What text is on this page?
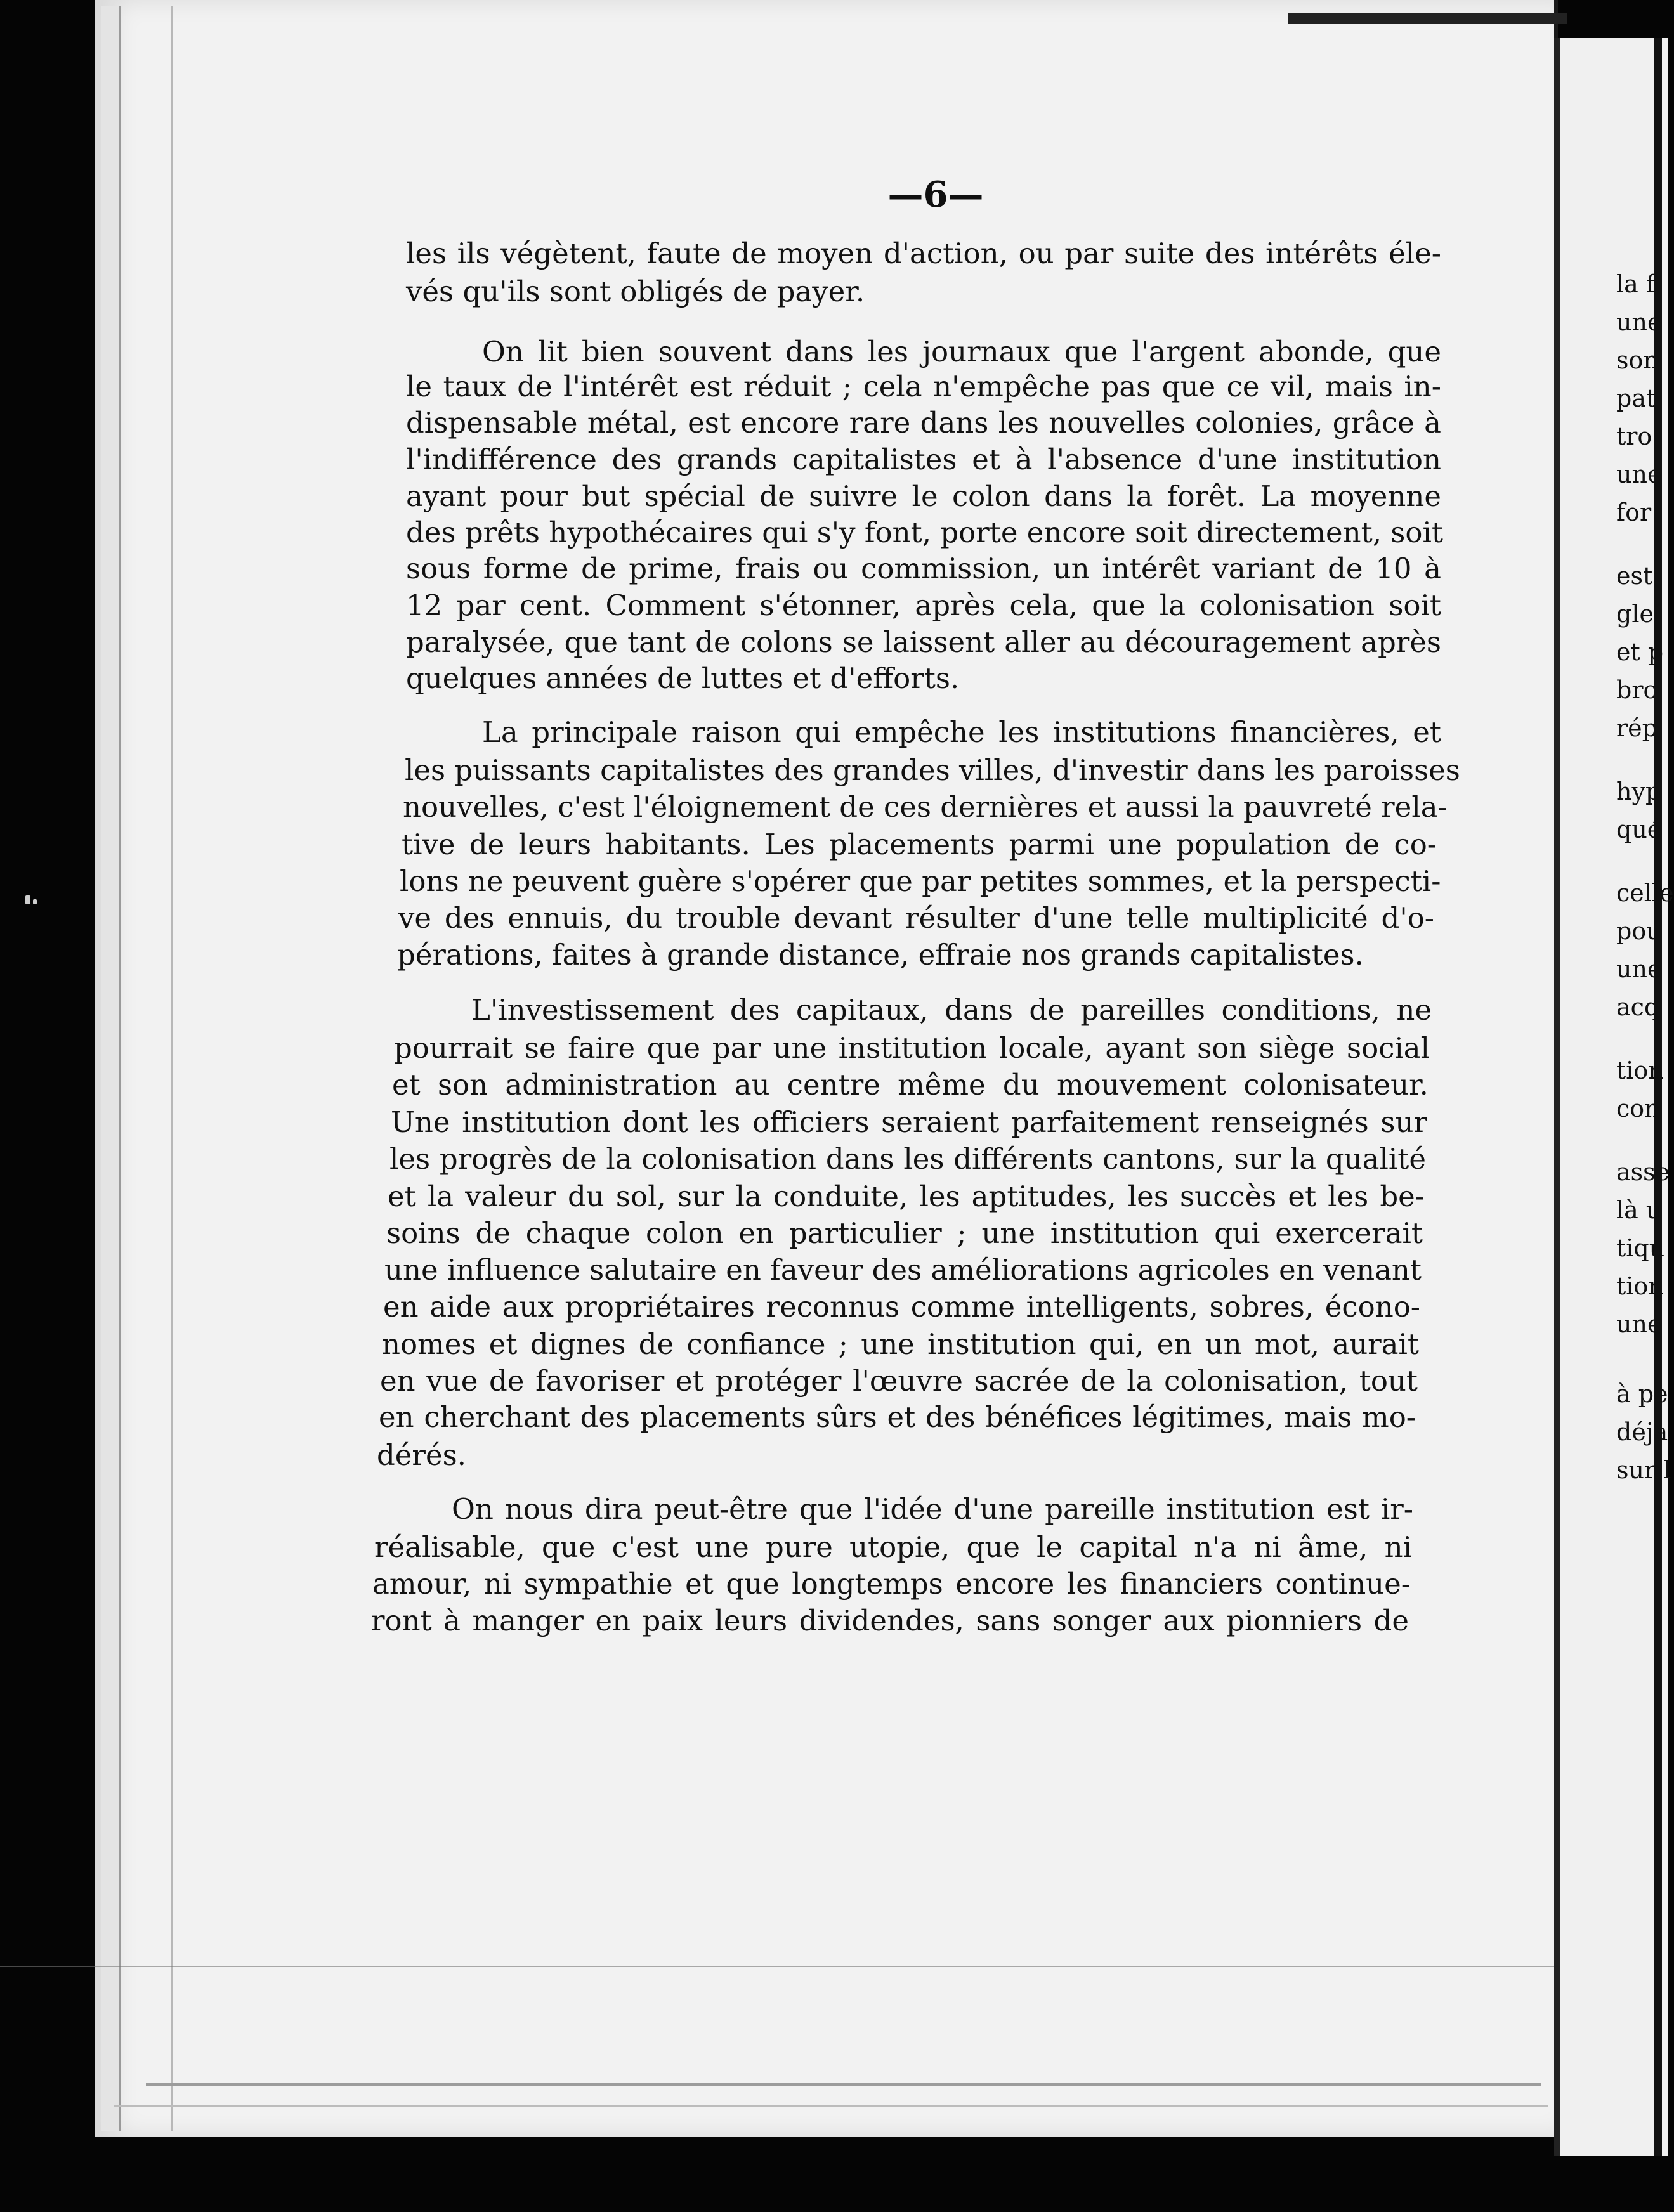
la f
une
son
pat
tro
une
for
est
glei
et p
bro
rép
hyp
qué
celle
pou
une
acq
tion
con
asse
là u
tiqu
tion
une
à pe
déjà
sur l
—6—
les ils végètent, faute de moyen d'action, ou par suite des intérêts éle-
vés qu'ils sont obligés de payer.
On lit bien souvent dans les journaux que l'argent abonde, que
le taux de l'intérêt est réduit ; cela n'empêche pas que ce vil, mais in-
dispensable métal, est encore rare dans les nouvelles colonies, grâce à
l'indifférence des grands capitalistes et à l'absence d'une institution
ayant pour but spécial de suivre le colon dans la forêt. La moyenne
des prêts hypothécaires qui s'y font, porte encore soit directement, soit
sous forme de prime, frais ou commission, un intérêt variant de 10 à
12 par cent. Comment s'étonner, après cela, que la colonisation soit
paralysée, que tant de colons se laissent aller au découragement après
quelques années de luttes et d'efforts.
La principale raison qui empêche les institutions financières, et
les puissants capitalistes des grandes villes, d'investir dans les paroisses
nouvelles, c'est l'éloignement de ces dernières et aussi la pauvreté rela-
tive de leurs habitants. Les placements parmi une population de co-
lons ne peuvent guère s'opérer que par petites sommes, et la perspecti-
ve des ennuis, du trouble devant résulter d'une telle multiplicité d'o-
pérations, faites à grande distance, effraie nos grands capitalistes.
L'investissement des capitaux, dans de pareilles conditions, ne
pourrait se faire que par une institution locale, ayant son siège social
et son administration au centre même du mouvement colonisateur.
Une institution dont les officiers seraient parfaitement renseignés sur
les progrès de la colonisation dans les différents cantons, sur la qualité
et la valeur du sol, sur la conduite, les aptitudes, les succès et les be-
soins de chaque colon en particulier ; une institution qui exercerait
une influence salutaire en faveur des améliorations agricoles en venant
en aide aux propriétaires reconnus comme intelligents, sobres, écono-
nomes et dignes de confiance ; une institution qui, en un mot, aurait
en vue de favoriser et protéger l'œuvre sacrée de la colonisation, tout
en cherchant des placements sûrs et des bénéfices légitimes, mais mo-
dérés.
On nous dira peut-être que l'idée d'une pareille institution est ir-
réalisable, que c'est une pure utopie, que le capital n'a ni âme, ni
amour, ni sympathie et que longtemps encore les financiers continue-
ront à manger en paix leurs dividendes, sans songer aux pionniers de
